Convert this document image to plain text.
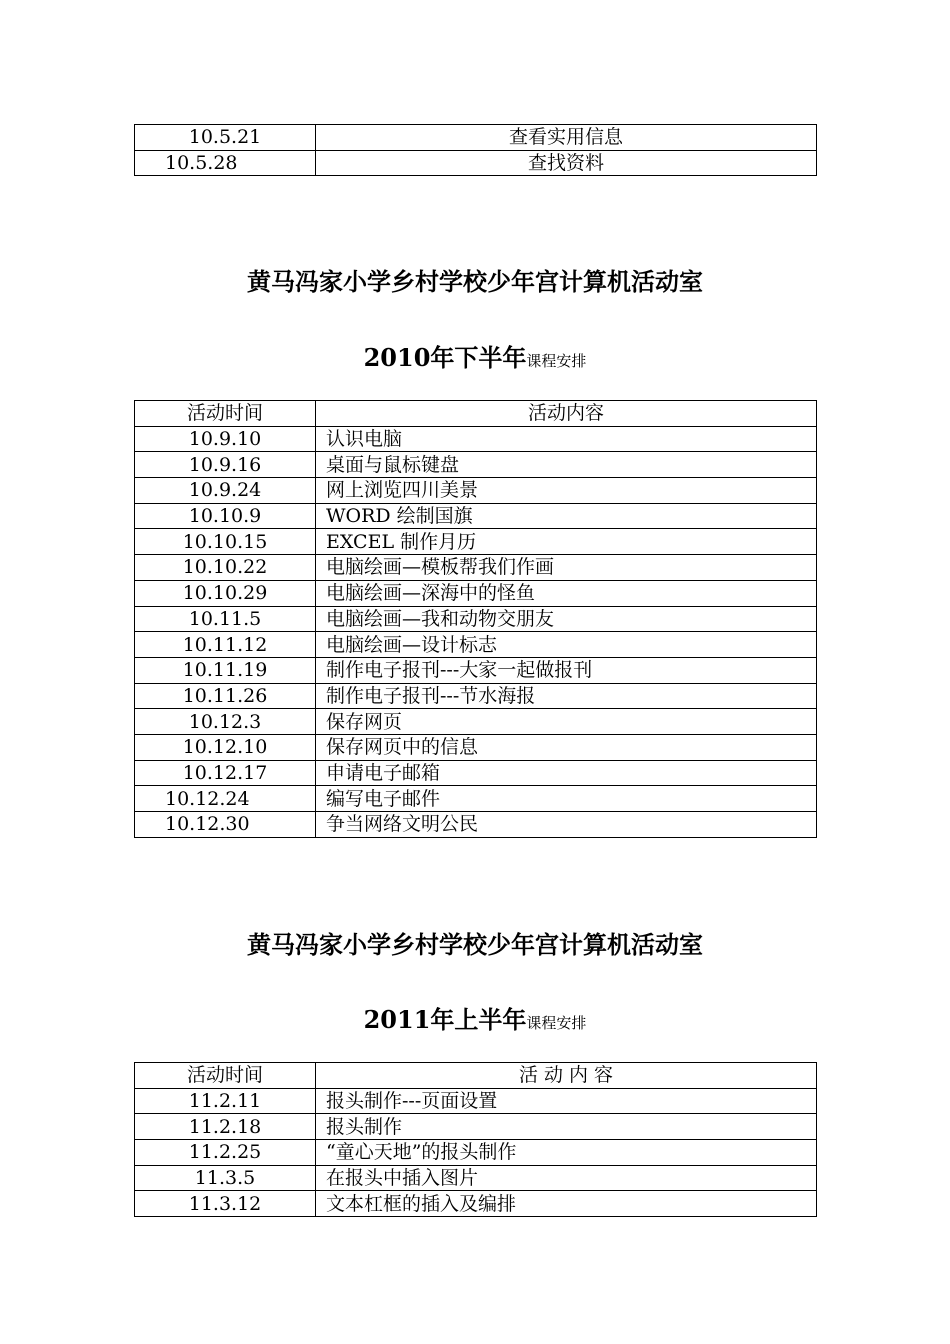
10.5.21	查看实用信息
10.5.28	查找资料
黄马冯家小学乡村学校少年宫计算机活动室
2010年下半年课程安排
活动时间	活动内容
10.9.10	认识电脑
10.9.16	桌面与鼠标键盘
10.9.24	网上浏览四川美景
10.10.9	WORD 绘制国旗
10.10.15	EXCEL 制作月历
10.10.22	电脑绘画—模板帮我们作画
10.10.29	电脑绘画—深海中的怪鱼
10.11.5	电脑绘画—我和动物交朋友
10.11.12	电脑绘画—设计标志
10.11.19	制作电子报刊---大家一起做报刊
10.11.26	制作电子报刊---节水海报
10.12.3	保存网页
10.12.10	保存网页中的信息
10.12.17	申请电子邮箱
10.12.24	编写电子邮件
10.12.30	争当网络文明公民
黄马冯家小学乡村学校少年宫计算机活动室
2011年上半年课程安排
活动时间	活 动 内 容
11.2.11	报头制作---页面设置
11.2.18	报头制作
11.2.25	“童心天地”的报头制作
11.3.5	在报头中插入图片
11.3.12	文本杠框的插入及编排
